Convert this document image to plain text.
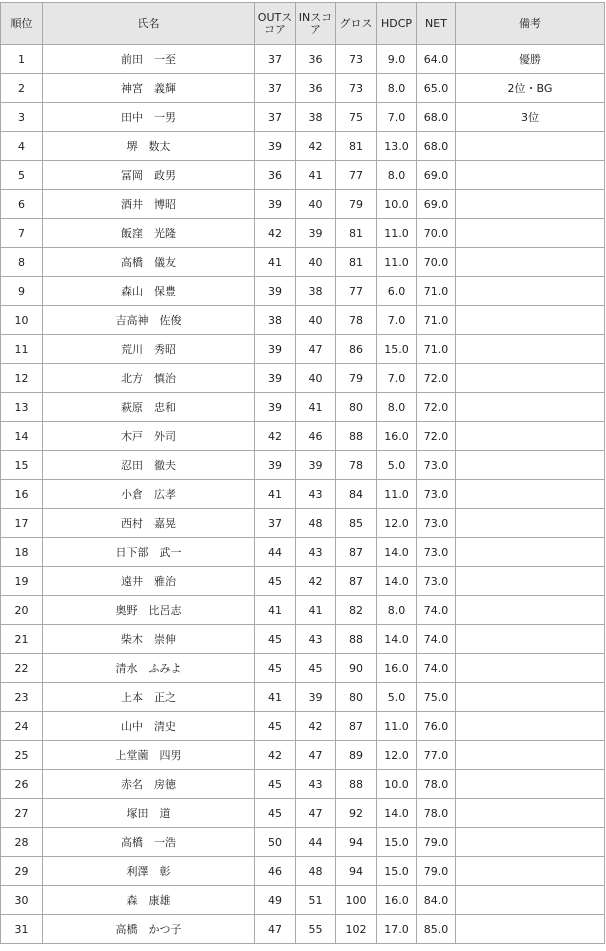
順位	氏名	OUTスコア	INスコア	グロス	HDCP	NET	備考
1	前田　一至	37	36	73	9.0	64.0	優勝
2	神宮　義輝	37	36	73	8.0	65.0	2位・BG
3	田中　一男	37	38	75	7.0	68.0	3位
4	堺　数太	39	42	81	13.0	68.0	
5	冨岡　政男	36	41	77	8.0	69.0	
6	酒井　博昭	39	40	79	10.0	69.0	
7	飯窪　光隆	42	39	81	11.0	70.0	
8	高橋　儀友	41	40	81	11.0	70.0	
9	森山　保豊	39	38	77	6.0	71.0	
10	吉高神　佐俊	38	40	78	7.0	71.0	
11	荒川　秀昭	39	47	86	15.0	71.0	
12	北方　慎治	39	40	79	7.0	72.0	
13	萩原　忠和	39	41	80	8.0	72.0	
14	木戸　外司	42	46	88	16.0	72.0	
15	忍田　徹夫	39	39	78	5.0	73.0	
16	小倉　広孝	41	43	84	11.0	73.0	
17	西村　嘉晃	37	48	85	12.0	73.0	
18	日下部　武一	44	43	87	14.0	73.0	
19	遠井　雅治	45	42	87	14.0	73.0	
20	奥野　比呂志	41	41	82	8.0	74.0	
21	柴木　崇伸	45	43	88	14.0	74.0	
22	清水　ふみよ	45	45	90	16.0	74.0	
23	上本　正之	41	39	80	5.0	75.0	
24	山中　清史	45	42	87	11.0	76.0	
25	上堂薗　四男	42	47	89	12.0	77.0	
26	赤名　房徳	45	43	88	10.0	78.0	
27	塚田　道	45	47	92	14.0	78.0	
28	高橋　一浩	50	44	94	15.0	79.0	
29	利澤　彰	46	48	94	15.0	79.0	
30	森　康雄	49	51	100	16.0	84.0	
31	高橋　かつ子	47	55	102	17.0	85.0	
